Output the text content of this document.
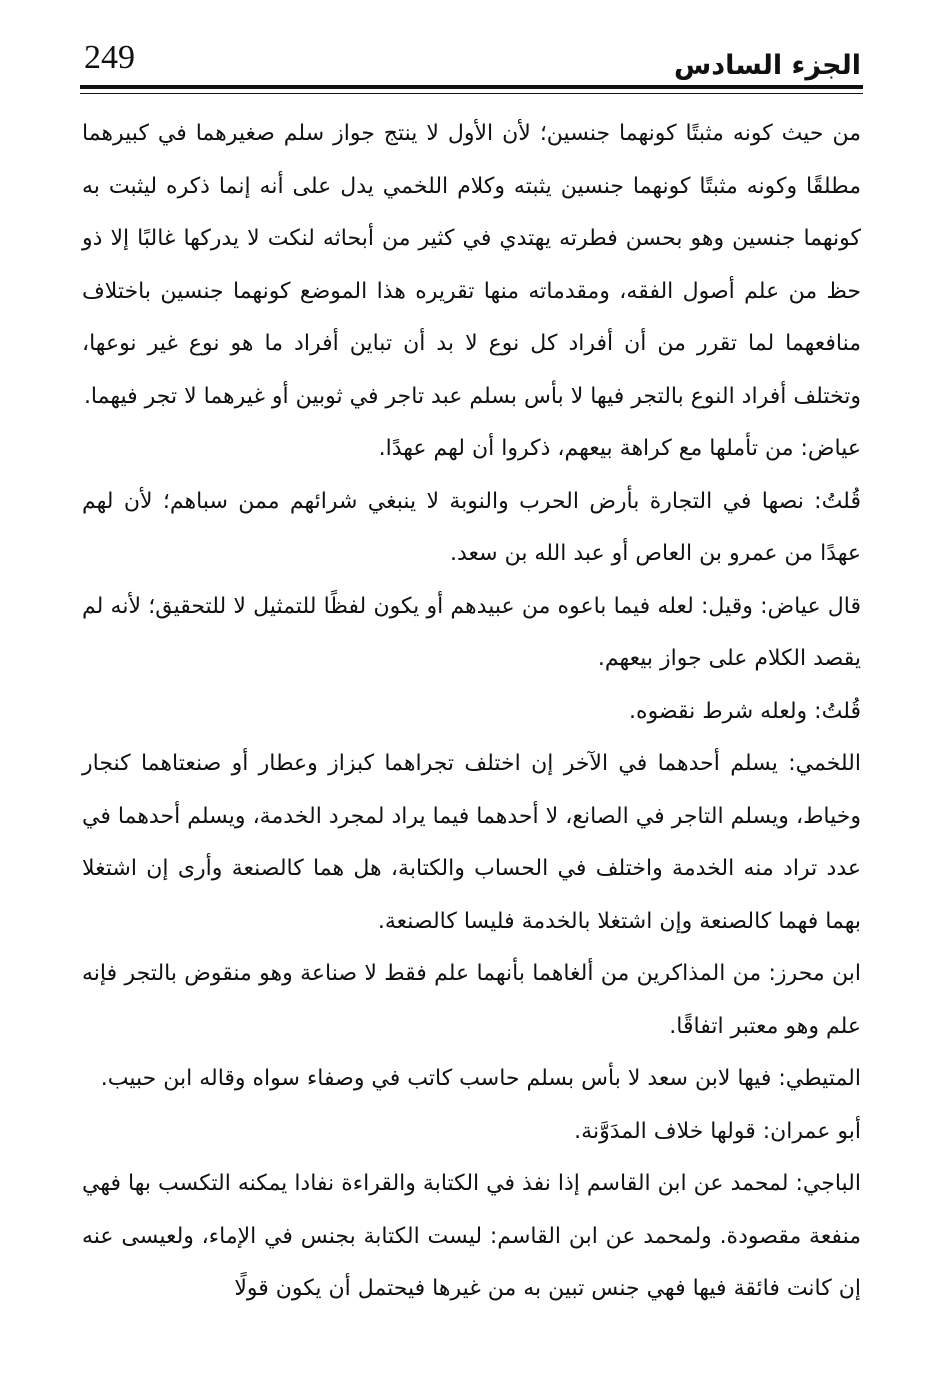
249	الجزء السادس

من حيث كونه مثبتًا كونهما جنسين؛ لأن الأول لا ينتج جواز سلم صغيرهما في كبيرهما مطلقًا وكونه مثبتًا كونهما جنسين يثبته وكلام اللخمي يدل على أنه إنما ذكره ليثبت به كونهما جنسين وهو بحسن فطرته يهتدي في كثير من أبحاثه لنكت لا يدركها غالبًا إلا ذو حظ من علم أصول الفقه، ومقدماته منها تقريره هذا الموضع كونهما جنسين باختلاف منافعهما لما تقرر من أن أفراد كل نوع لا بد أن تباين أفراد ما هو نوع غير نوعها، وتختلف أفراد النوع بالتجر فيها لا بأس بسلم عبد تاجر في ثوبين أو غيرهما لا تجر فيهما.

عياض: من تأملها مع كراهة بيعهم، ذكروا أن لهم عهدًا.

قُلتُ: نصها في التجارة بأرض الحرب والنوبة لا ينبغي شرائهم ممن سباهم؛ لأن لهم عهدًا من عمرو بن العاص أو عبد الله بن سعد.

قال عياض: وقيل: لعله فيما باعوه من عبيدهم أو يكون لفظًا للتمثيل لا للتحقيق؛ لأنه لم يقصد الكلام على جواز بيعهم.

قُلتُ: ولعله شرط نقضوه.

اللخمي: يسلم أحدهما في الآخر إن اختلف تجراهما كبزاز وعطار أو صنعتاهما كنجار وخياط، ويسلم التاجر في الصانع، لا أحدهما فيما يراد لمجرد الخدمة، ويسلم أحدهما في عدد تراد منه الخدمة واختلف في الحساب والكتابة، هل هما كالصنعة وأرى إن اشتغلا بهما فهما كالصنعة وإن اشتغلا بالخدمة فليسا كالصنعة.

ابن محرز: من المذاكرين من ألغاهما بأنهما علم فقط لا صناعة وهو منقوض بالتجر فإنه علم وهو معتبر اتفاقًا.

المتيطي: فيها لابن سعد لا بأس بسلم حاسب كاتب في وصفاء سواه وقاله ابن حبيب.

أبو عمران: قولها خلاف المدَوَّنة.

الباجي: لمحمد عن ابن القاسم إذا نفذ في الكتابة والقراءة نفادا يمكنه التكسب بها فهي منفعة مقصودة. ولمحمد عن ابن القاسم: ليست الكتابة بجنس في الإماء، ولعيسى عنه إن كانت فائقة فيها فهي جنس تبين به من غيرها فيحتمل أن يكون قولًا
